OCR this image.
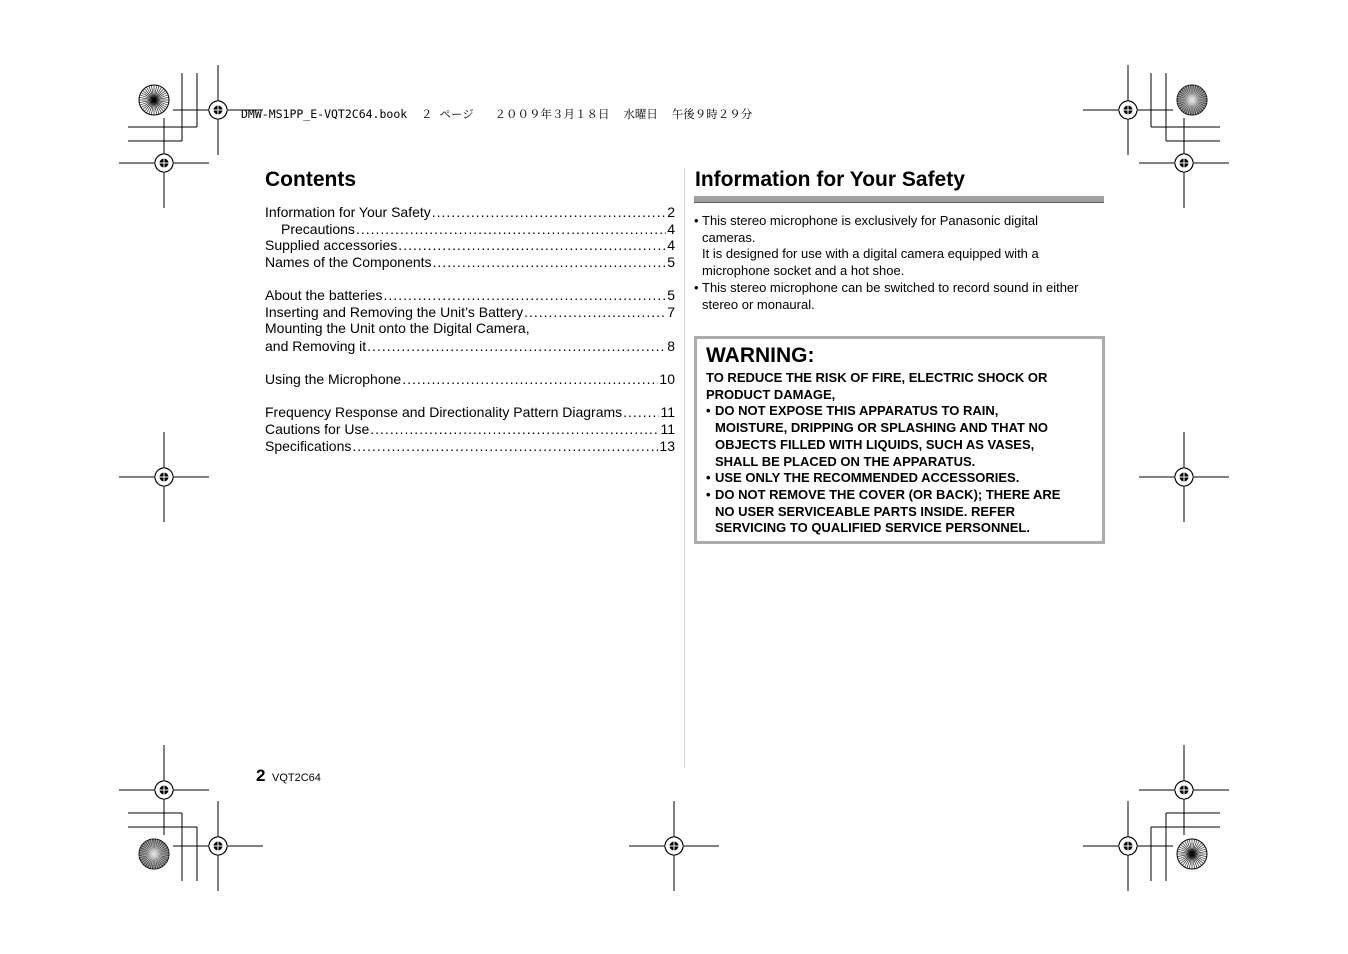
DMW-MS1PP_E-VQT2C64.book ２ ページ ２００９年３月１８日 水曜日 午後９時２９分
Contents
Information for Your Safety .....	2
Precautions .....	4
Supplied accessories .....	4
Names of the Components .....	5
About the batteries .....	5
Inserting and Removing the Unit’s Battery .....	7
Mounting the Unit onto the Digital Camera,
and Removing it .....	8
Using the Microphone .....	10
Frequency Response and Directionality Pattern Diagrams .....	11
Cautions for Use .....	11
Specifications .....	13
Information for Your Safety
• This stereo microphone is exclusively for Panasonic digital
cameras.
It is designed for use with a digital camera equipped with a
microphone socket and a hot shoe.
• This stereo microphone can be switched to record sound in either
stereo or monaural.
WARNING:
TO REDUCE THE RISK OF FIRE, ELECTRIC SHOCK OR
PRODUCT DAMAGE,
• DO NOT EXPOSE THIS APPARATUS TO RAIN,
MOISTURE, DRIPPING OR SPLASHING AND THAT NO
OBJECTS FILLED WITH LIQUIDS, SUCH AS VASES,
SHALL BE PLACED ON THE APPARATUS.
• USE ONLY THE RECOMMENDED ACCESSORIES.
• DO NOT REMOVE THE COVER (OR BACK); THERE ARE
NO USER SERVICEABLE PARTS INSIDE. REFER
SERVICING TO QUALIFIED SERVICE PERSONNEL.
2 VQT2C64
